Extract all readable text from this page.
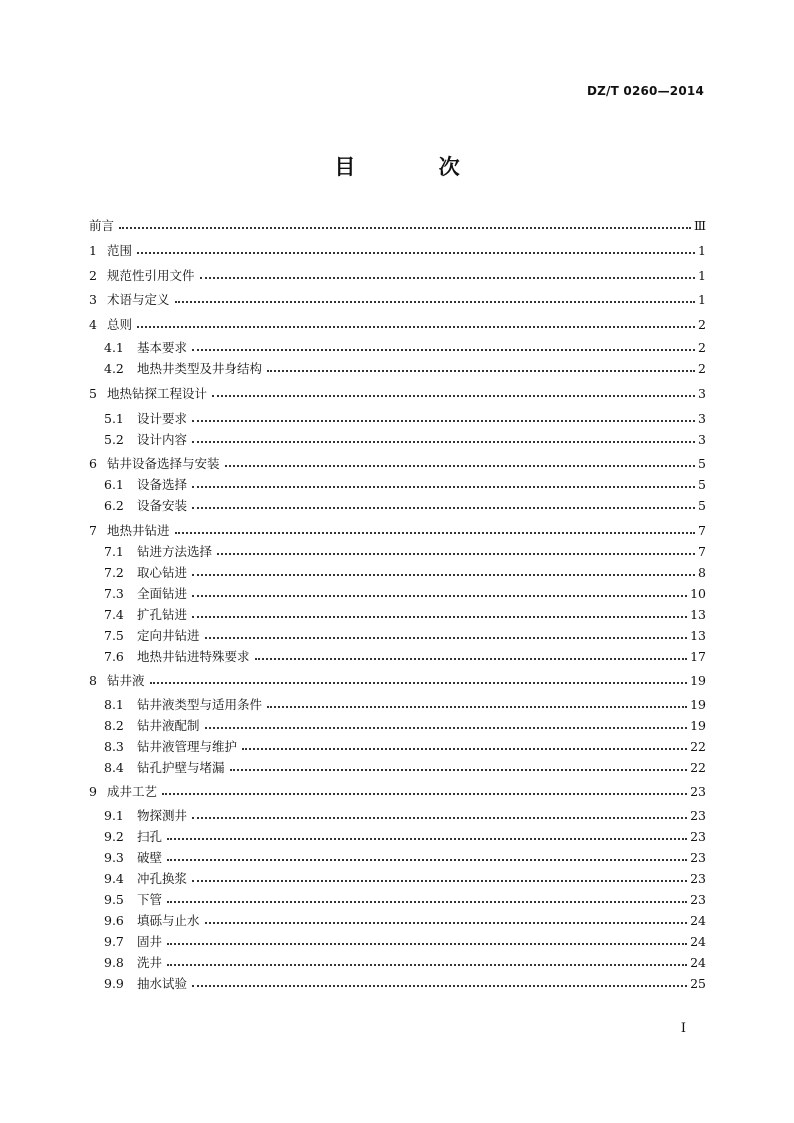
DZ/T 0260—2014
目 次
前言	Ⅲ
1 范围	1
2 规范性引用文件	1
3 术语与定义	1
4 总则	2
4.1	基本要求	2
4.2	地热井类型及井身结构	2
5 地热钻探工程设计	3
5.1	设计要求	3
5.2	设计内容	3
6 钻井设备选择与安装	5
6.1	设备选择	5
6.2	设备安装	5
7 地热井钻进	7
7.1	钻进方法选择	7
7.2	取心钻进	8
7.3	全面钻进	10
7.4	扩孔钻进	13
7.5	定向井钻进	13
7.6	地热井钻进特殊要求	17
8 钻井液	19
8.1	钻井液类型与适用条件	19
8.2	钻井液配制	19
8.3	钻井液管理与维护	22
8.4	钻孔护壁与堵漏	22
9 成井工艺	23
9.1	物探测井	23
9.2	扫孔	23
9.3	破壁	23
9.4	冲孔换浆	23
9.5	下管	23
9.6	填砾与止水	24
9.7	固井	24
9.8	洗井	24
9.9	抽水试验	25
I
